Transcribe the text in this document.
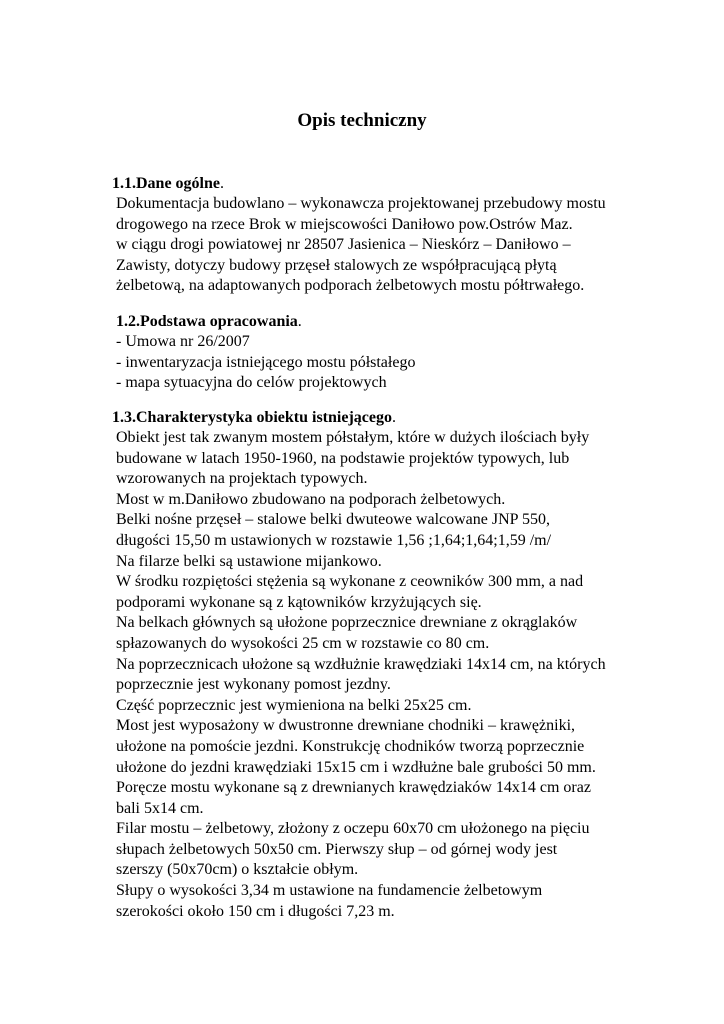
Opis techniczny
1.1.Dane ogólne.
Dokumentacja budowlano – wykonawcza projektowanej przebudowy mostu
drogowego na rzece Brok w miejscowości Daniłowo pow.Ostrów Maz.
w ciągu drogi powiatowej nr 28507 Jasienica – Nieskórz – Daniłowo –
Zawisty, dotyczy budowy przęseł stalowych ze współpracującą płytą
żelbetową, na adaptowanych podporach żelbetowych mostu półtrwałego.
1.2.Podstawa opracowania.
- Umowa nr 26/2007
- inwentaryzacja istniejącego mostu półstałego
- mapa sytuacyjna do celów projektowych
1.3.Charakterystyka obiektu istniejącego.
Obiekt jest tak zwanym mostem półstałym, które w dużych ilościach były
budowane w latach 1950-1960, na podstawie projektów typowych, lub
wzorowanych na projektach typowych.
Most w m.Daniłowo zbudowano na podporach żelbetowych.
Belki nośne przęseł – stalowe belki dwuteowe walcowane JNP 550,
długości 15,50 m ustawionych w rozstawie 1,56 ;1,64;1,64;1,59 /m/
Na filarze belki są ustawione mijankowo.
W środku rozpiętości stężenia są wykonane z ceowników 300 mm, a nad
podporami wykonane są z kątowników krzyżujących się.
Na belkach głównych są ułożone poprzecznice drewniane z okrąglaków
spłazowanych do wysokości 25 cm w rozstawie co 80 cm.
Na poprzecznicach ułożone są wzdłużnie krawędziaki 14x14 cm, na których
poprzecznie jest wykonany pomost jezdny.
Część poprzecznic jest wymieniona na belki 25x25 cm.
Most jest wyposażony w dwustronne drewniane chodniki – krawężniki,
ułożone na pomoście jezdni. Konstrukcję chodników tworzą poprzecznie
ułożone do jezdni krawędziaki 15x15 cm i wzdłużne bale grubości 50 mm.
Poręcze mostu wykonane są z drewnianych krawędziaków 14x14 cm oraz
bali 5x14 cm.
Filar mostu – żelbetowy, złożony z oczepu 60x70 cm ułożonego na pięciu
słupach żelbetowych 50x50 cm. Pierwszy słup – od górnej wody jest
szerszy (50x70cm) o kształcie obłym.
Słupy o wysokości 3,34 m ustawione na fundamencie żelbetowym
szerokości około 150 cm i długości 7,23 m.
